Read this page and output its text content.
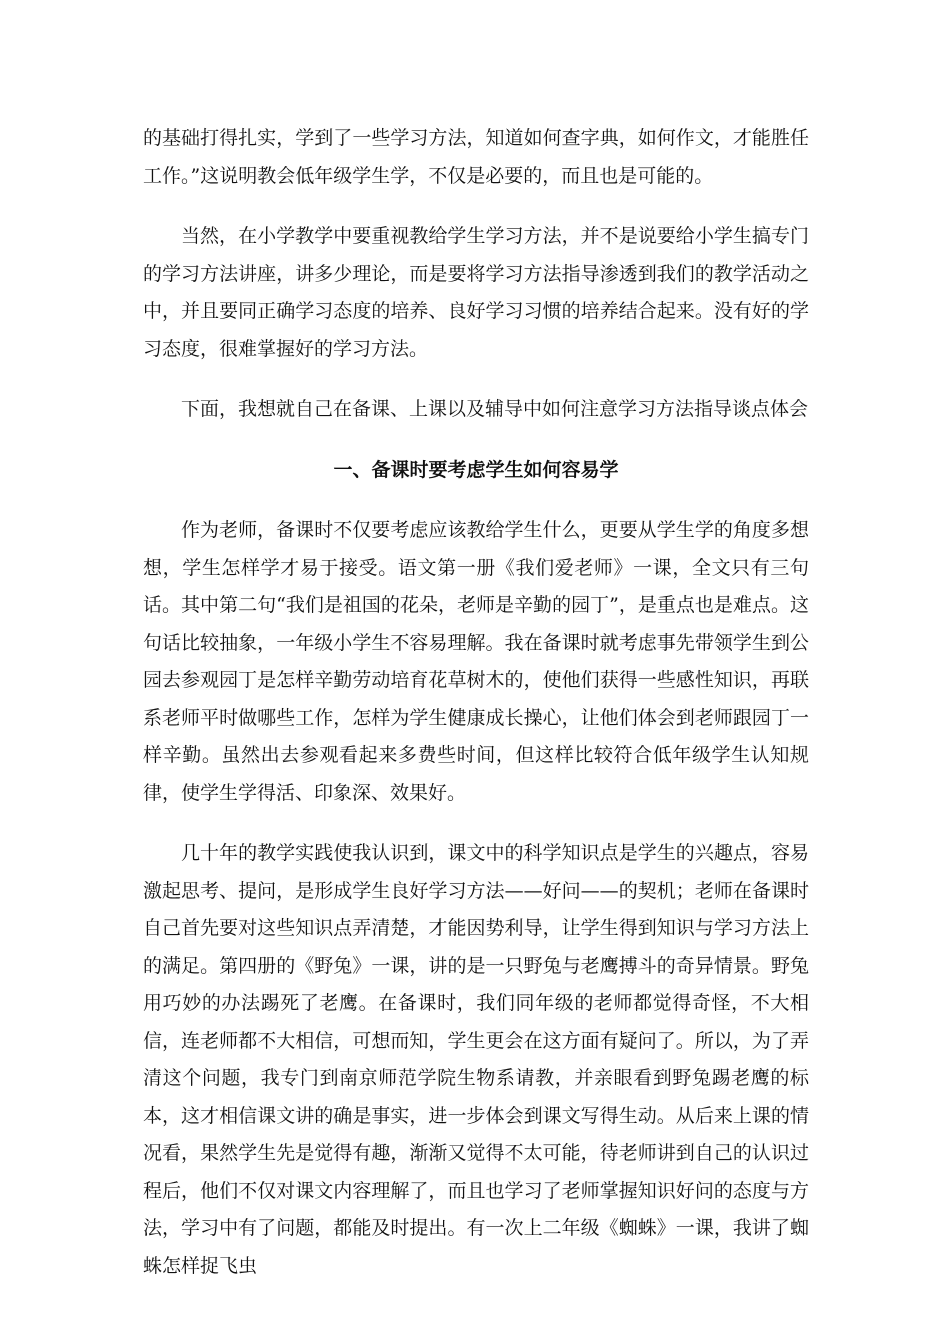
的基础打得扎实，学到了一些学习方法，知道如何查字典，如何作文，才能胜任工作。”这说明教会低年级学生学，不仅是必要的，而且也是可能的。

当然，在小学教学中要重视教给学生学习方法，并不是说要给小学生搞专门的学习方法讲座，讲多少理论，而是要将学习方法指导渗透到我们的教学活动之中，并且要同正确学习态度的培养、良好学习习惯的培养结合起来。没有好的学习态度，很难掌握好的学习方法。

下面，我想就自己在备课、上课以及辅导中如何注意学习方法指导谈点体会

一、备课时要考虑学生如何容易学

作为老师，备课时不仅要考虑应该教给学生什么，更要从学生学的角度多想想，学生怎样学才易于接受。语文第一册《我们爱老师》一课，全文只有三句话。其中第二句“我们是祖国的花朵，老师是辛勤的园丁”，是重点也是难点。这句话比较抽象，一年级小学生不容易理解。我在备课时就考虑事先带领学生到公园去参观园丁是怎样辛勤劳动培育花草树木的，使他们获得一些感性知识，再联系老师平时做哪些工作，怎样为学生健康成长操心，让他们体会到老师跟园丁一样辛勤。虽然出去参观看起来多费些时间，但这样比较符合低年级学生认知规律，使学生学得活、印象深、效果好。

几十年的教学实践使我认识到，课文中的科学知识点是学生的兴趣点，容易激起思考、提问，是形成学生良好学习方法——好问——的契机；老师在备课时自己首先要对这些知识点弄清楚，才能因势利导，让学生得到知识与学习方法上的满足。第四册的《野兔》一课，讲的是一只野兔与老鹰搏斗的奇异情景。野兔用巧妙的办法踢死了老鹰。在备课时，我们同年级的老师都觉得奇怪，不大相信，连老师都不大相信，可想而知，学生更会在这方面有疑问了。所以，为了弄清这个问题，我专门到南京师范学院生物系请教，并亲眼看到野兔踢老鹰的标本，这才相信课文讲的确是事实，进一步体会到课文写得生动。从后来上课的情况看，果然学生先是觉得有趣，渐渐又觉得不太可能，待老师讲到自己的认识过程后，他们不仅对课文内容理解了，而且也学习了老师掌握知识好问的态度与方法，学习中有了问题，都能及时提出。有一次上二年级《蜘蛛》一课，我讲了蜘蛛怎样捉飞虫
